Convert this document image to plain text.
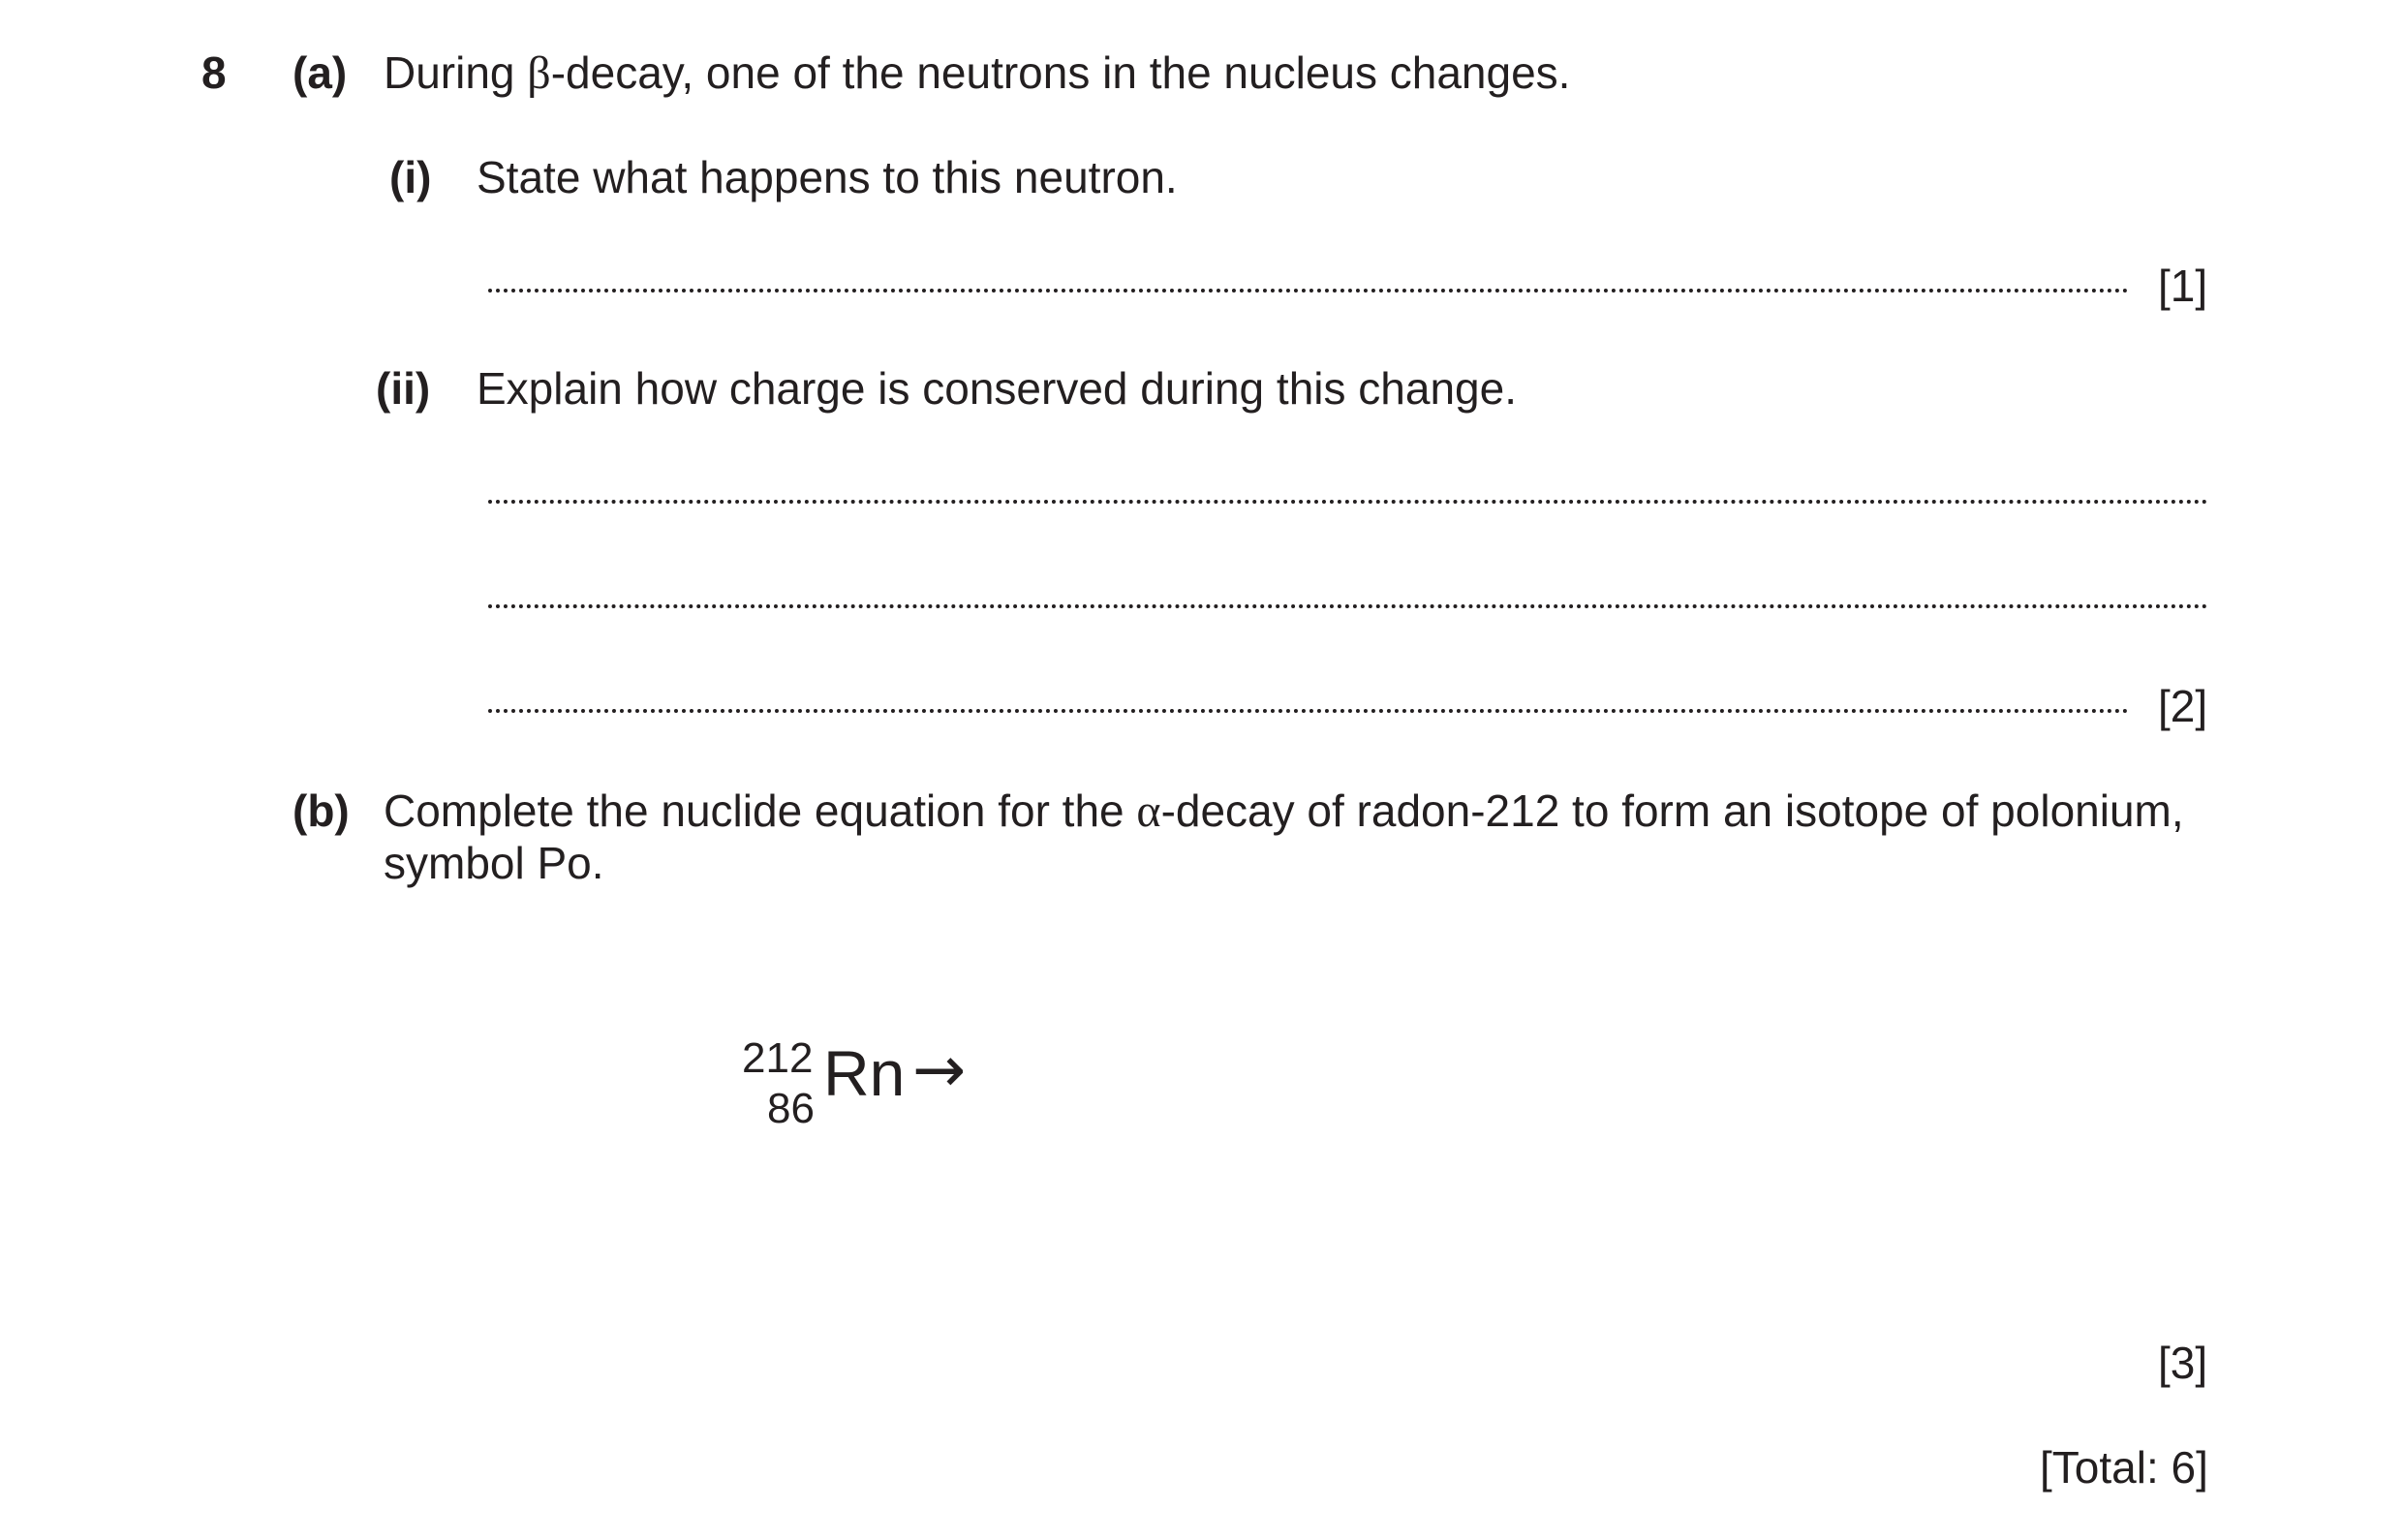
8 (a) During β-decay, one of the neutrons in the nucleus changes.
(i) State what happens to this neutron.
[1]
(ii) Explain how charge is conserved during this change.
[2]
(b) Complete the nuclide equation for the α-decay of radon-212 to form an isotope of polonium,
symbol Po.
212
86 Rn →
[3]
[Total: 6]
